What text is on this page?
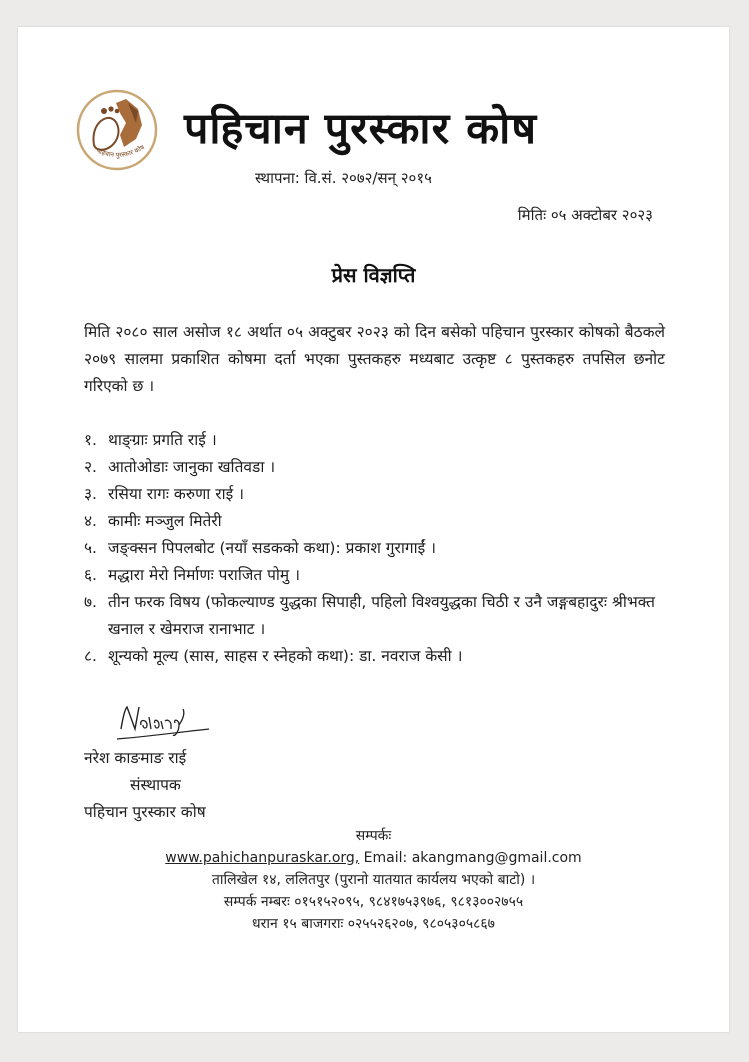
पहिचान पुरस्कार कोष पहिचान पुरस्कार कोष
स्थापना: वि.सं. २०७२/सन् २०१५
मितिः ०५ अक्टोबर २०२३
प्रेस विज्ञप्ति
मिति २०८० साल असोज १८ अर्थात ०५ अक्टुबर २०२३ को दिन बसेको पहिचान पुरस्कार कोषको बैठकले २०७९ सालमा प्रकाशित कोषमा दर्ता भएका पुस्तकहरु मध्यबाट उत्कृष्ट ८ पुस्तकहरु तपसिल छनोट गरिएको छ ।
१. थाङ्ग्राः प्रगति राई ।
२. आतोओडाः जानुका खतिवडा ।
३. रसिया रागः करुणा राई ।
४. कामीः मञ्जुल मितेरी
५. जङ्क्सन पिपलबोट (नयाँ सडकको कथा): प्रकाश गुरागाईं ।
६. मद्धारा मेरो निर्माणः पराजित पोमु ।
७. तीन फरक विषय (फोकल्याण्ड युद्धका सिपाही, पहिलो विश्वयुद्धका चिठी र उनै जङ्गबहादुरः श्रीभक्त खनाल र खेमराज रानाभाट ।
८. शून्यको मूल्य (सास, साहस र स्नेहको कथा): डा. नवराज केसी ।
नरेश काङमाङ राई
संस्थापक
पहिचान पुरस्कार कोष
सम्पर्कः
www.pahichanpuraskar.org, Email: akangmang@gmail.com
तालिखेल १४, ललितपुर (पुरानो यातयात कार्यलय भएको बाटो) ।
सम्पर्क नम्बरः ०१५१५२०९५, ९८४१७५३९७६, ९८१३००२७५५
धरान १५ बाजगराः ०२५५२६२०७, ९८०५३०५८६७
